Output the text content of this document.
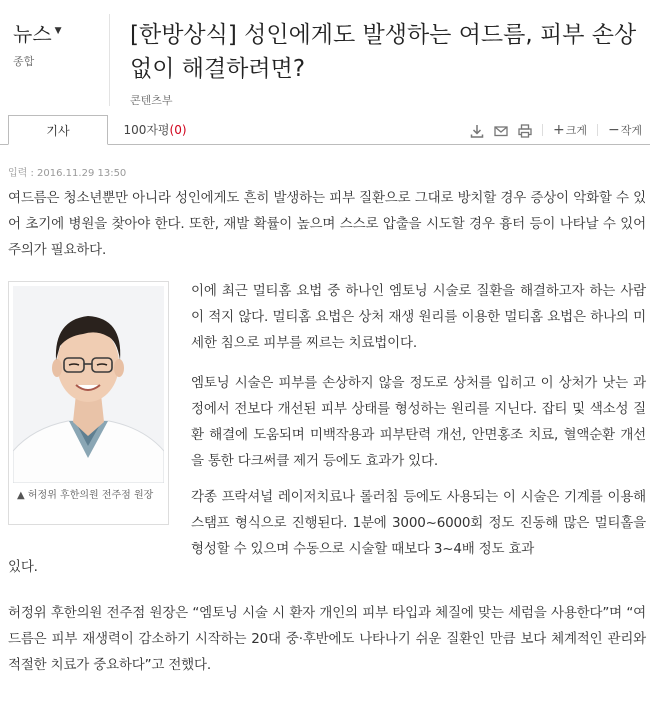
뉴스 ▼
종합
[한방상식] 성인에게도 발생하는 여드름, 피부 손상 없이 해결하려면?
콘텐츠부
기사	100자평(0)	+크게 −작게
입력 : 2016.11.29 13:50
여드름은 청소년뿐만 아니라 성인에게도 흔히 발생하는 피부 질환으로 그대로 방치할 경우 증상이 악화할 수 있어 초기에 병원을 찾아야 한다. 또한, 재발 확률이 높으며 스스로 압출을 시도할 경우 흉터 등이 나타날 수 있어 주의가 필요하다.
▲ 허정위 후한의원 전주점 원장
이에 최근 멀티홈 요법 중 하나인 엠토닝 시술로 질환을 해결하고자 하는 사람이 적지 않다. 멀티홈 요법은 상처 재생 원리를 이용한 멀티홈 요법은 하나의 미세한 침으로 피부를 찌르는 치료법이다.
엠토닝 시술은 피부를 손상하지 않을 정도로 상처를 입히고 이 상처가 낫는 과정에서 전보다 개선된 피부 상태를 형성하는 원리를 지닌다. 잡티 및 색소성 질환 해결에 도움되며 미백작용과 피부탄력 개선, 안면홍조 치료, 혈액순환 개선을 통한 다크써클 제거 등에도 효과가 있다.
각종 프락셔널 레이저치료나 롤러침 등에도 사용되는 이 시술은 기계를 이용해 스탬프 형식으로 진행된다. 1분에 3000~6000회 정도 진동해 많은 멀티홀을 형성할 수 있으며 수동으로 시술할 때보다 3~4배 정도 효과
있다.
허정위 후한의원 전주점 원장은 “엠토닝 시술 시 환자 개인의 피부 타입과 체질에 맞는 세럼을 사용한다”며 “여드름은 피부 재생력이 감소하기 시작하는 20대 중·후반에도 나타나기 쉬운 질환인 만큼 보다 체계적인 관리와 적절한 치료가 중요하다”고 전했다.
